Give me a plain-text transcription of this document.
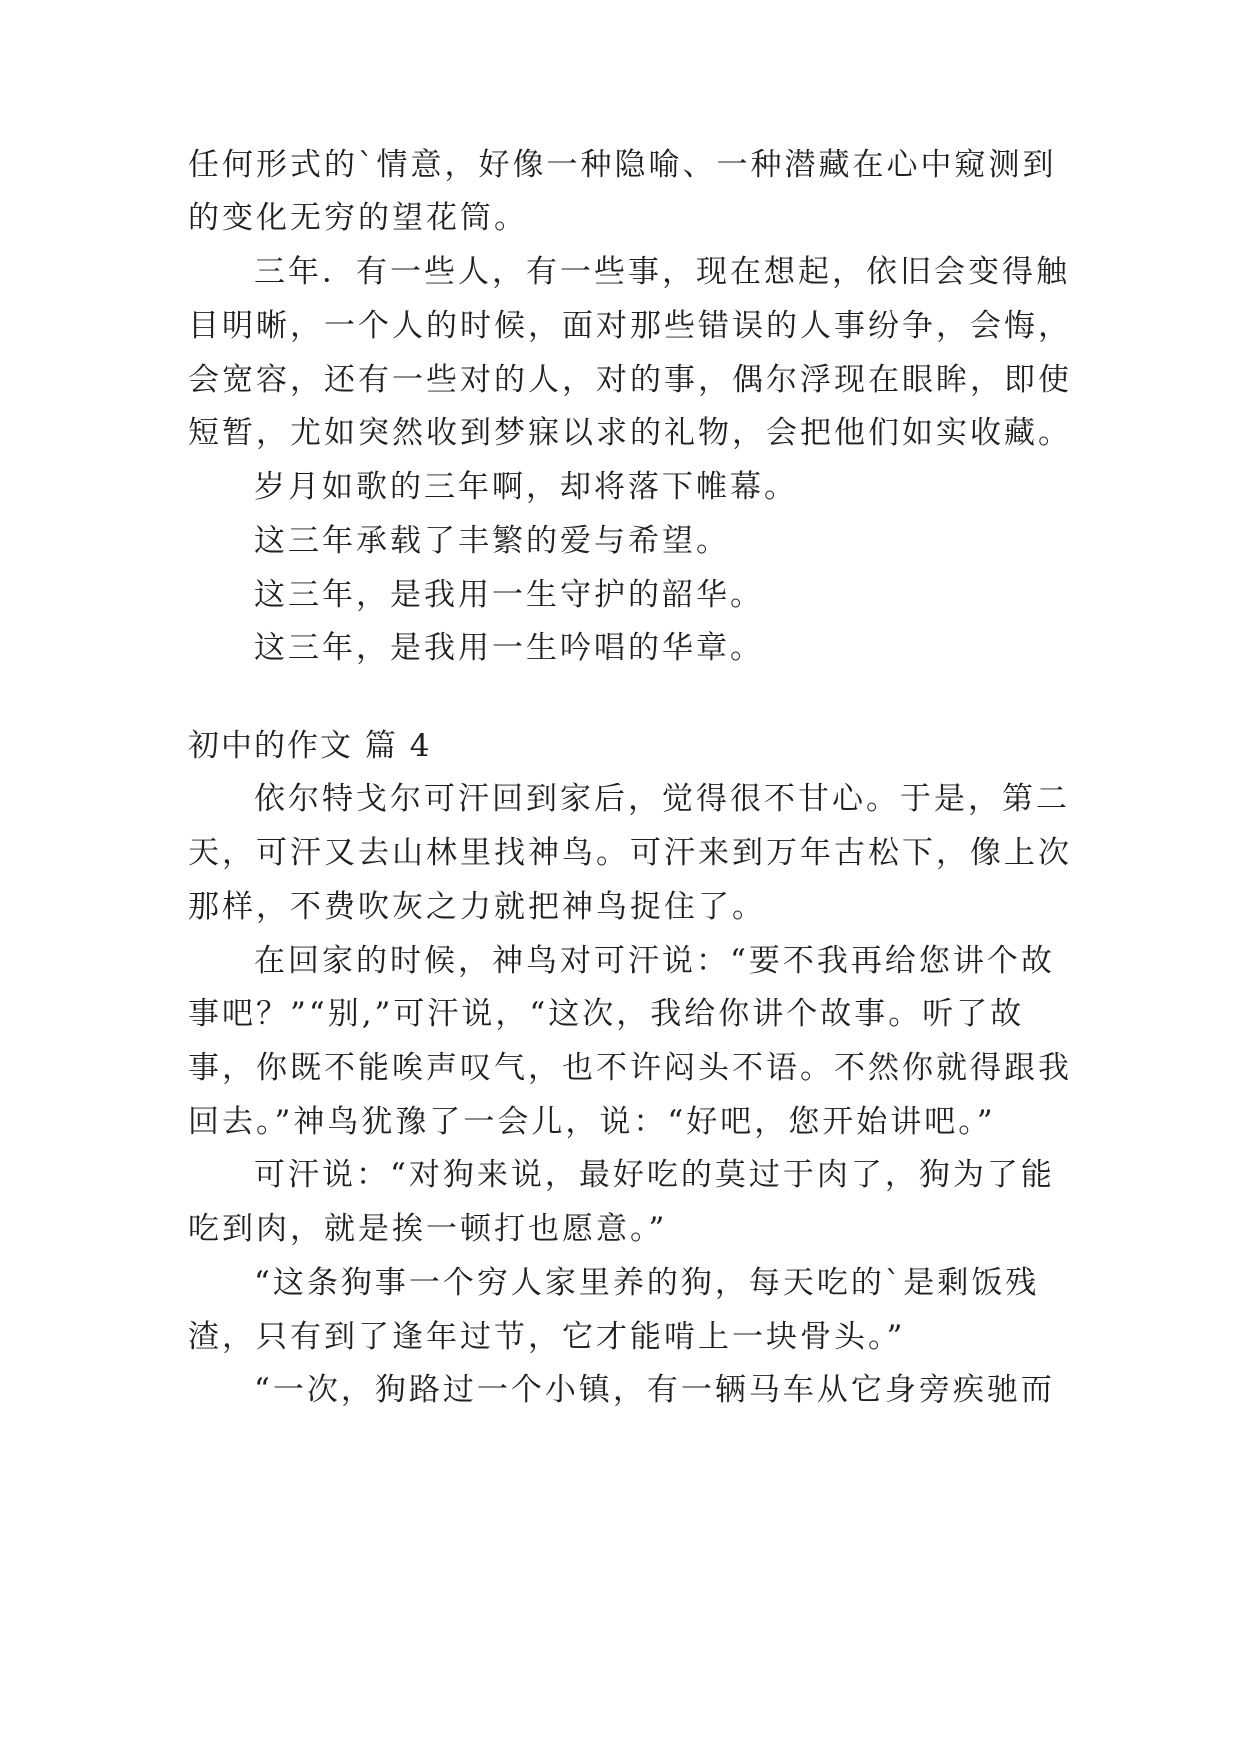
任何形式的`情意，好像一种隐喻、一种潜藏在心中窥测到
的变化无穷的望花筒。
三年．有一些人，有一些事，现在想起，依旧会变得触
目明晰，一个人的时候，面对那些错误的人事纷争，会悔，
会宽容，还有一些对的人，对的事，偶尔浮现在眼眸，即使
短暂，尤如突然收到梦寐以求的礼物，会把他们如实收藏。
岁月如歌的三年啊，却将落下帷幕。
这三年承载了丰繁的爱与希望。
这三年，是我用一生守护的韶华。
这三年，是我用一生吟唱的华章。
初中的作文 篇 4
依尔特戈尔可汗回到家后，觉得很不甘心。于是，第二
天，可汗又去山林里找神鸟。可汗来到万年古松下，像上次
那样，不费吹灰之力就把神鸟捉住了。
在回家的时候，神鸟对可汗说：“要不我再给您讲个故
事吧？”“别,”可汗说，“这次，我给你讲个故事。听了故
事，你既不能唉声叹气，也不许闷头不语。不然你就得跟我
回去。”神鸟犹豫了一会儿，说：“好吧，您开始讲吧。”
可汗说：“对狗来说，最好吃的莫过于肉了，狗为了能
吃到肉，就是挨一顿打也愿意。”
“这条狗事一个穷人家里养的狗，每天吃的`是剩饭残
渣，只有到了逢年过节，它才能啃上一块骨头。”
“一次，狗路过一个小镇，有一辆马车从它身旁疾驰而
